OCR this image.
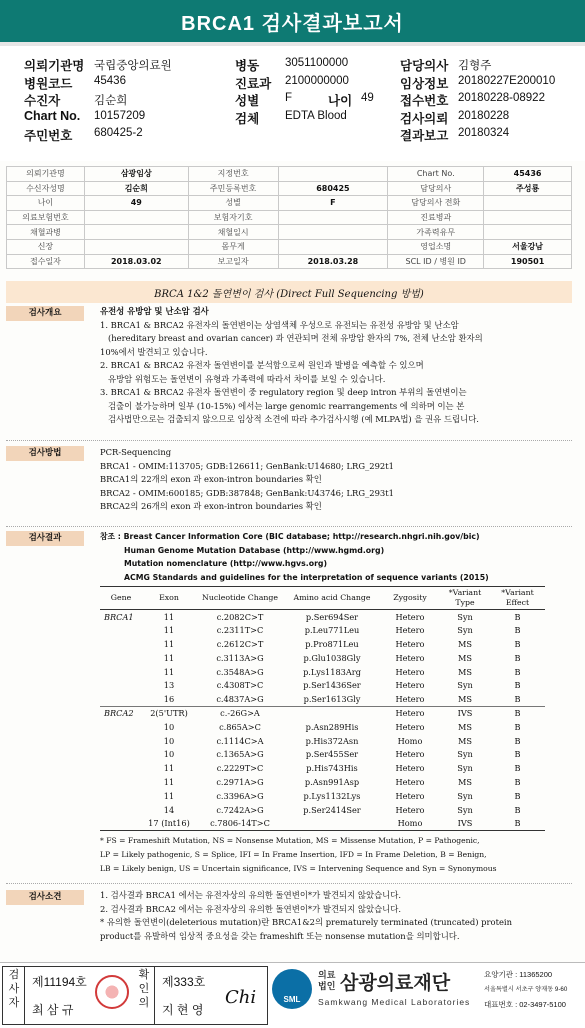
BRCA1 검사결과보고서
의뢰기관명 국립중앙의료원	병동 3051100000	담당의사 김형주
병원코드 45436	진료과 2100000000	임상정보 20180227E200010
수진자	김순희	성별 F	접수번호 20180228-08922
Chart No. 10157209	검체 EDTA Blood	검사의뢰 20180228
주민번호 680425-2	결과보고 20180324
나이 49
의뢰기관명	삼광임상	지정번호		Chart No.	45436
수신자성명	김순희	주민등록번호	680425	담당의사	주성룡
나이	49	성별	F	담당의사 전화	
의료보험번호		보험자기호		진료병과	
채혈과병		채혈일시		가족력유무	
신장		몸무게		영업소명	서울강남
접수일자	2018.03.02	보고일자	2018.03.28	SCL ID / 병원 ID	190501
BRCA 1&2 돌연변이 검사 (Direct Full Sequencing 방법)
검사개요	유전성 유방암 및 난소암 검사

1. BRCA1 & BRCA2 유전자의 돌연변이는 상염색체 우성으로 유전되는 유전성 유방암 및 난소암

(hereditary breast and ovarian cancer) 과 연관되며 전체 유방암 환자의 7%, 전체 난소암 환자의

10%에서 발견되고 있습니다.

2. BRCA1 & BRCA2 유전자 돌연변이를 분석함으로써 원인과 발병을 예측할 수 있으며

유방암 위험도는 돌연변이 유형과 가족력에 따라서 차이를 보일 수 있습니다.

3. BRCA1 & BRCA2 유전자 돌연변이 중 regulatory region 및 deep intron 부위의 돌연변이는

검출이 불가능하며 일부 (10-15%) 에서는 large genomic rearrangements 에 의하며 이는 본

검사법만으로는 검출되지 않으므로 임상적 소견에 따라 추가검사시행 (예 MLPA법) 을 권유 드립니다.

검사방법	PCR-Sequencing

BRCA1 - OMIM:113705; GDB:126611; GenBank:U14680; LRG_292t1

BRCA1의 22개의 exon 과 exon-intron boundaries 확인

BRCA2 - OMIM:600185; GDB:387848; GenBank:U43746; LRG_293t1

BRCA2의 26개의 exon 과 exon-intron boundaries 확인

검사결과	참조 : Breast Cancer Information Core (BIC database; http://research.nhgri.nih.gov/bic)

Human Genome Mutation Database (http://www.hgmd.org)

Mutation nomenclature (http://www.hgvs.org)

ACMG Standards and guidelines for the interpretation of sequence variants (2015)

Gene	Exon	Nucleotide Change	Amino acid Change	Zygosity	*Variant Type	*Variant Effect
BRCA1	11	c.2082C>T	p.Ser694Ser	Hetero	Syn	B
	11	c.2311T>C	p.Leu771Leu	Hetero	Syn	B
	11	c.2612C>T	p.Pro871Leu	Hetero	MS	B
	11	c.3113A>G	p.Glu1038Gly	Hetero	MS	B
	11	c.3548A>G	p.Lys1183Arg	Hetero	MS	B
	13	c.4308T>C	p.Ser1436Ser	Hetero	Syn	B
	16	c.4837A>G	p.Ser1613Gly	Hetero	MS	B
BRCA2	2(5'UTR)	c.-26G>A		Hetero	IVS	B
	10	c.865A>C	p.Asn289His	Hetero	MS	B
	10	c.1114C>A	p.His372Asn	Homo	MS	B
	10	c.1365A>G	p.Ser455Ser	Hetero	Syn	B
	11	c.2229T>C	p.His743His	Hetero	Syn	B
	11	c.2971A>G	p.Asn991Asp	Hetero	MS	B
	11	c.3396A>G	p.Lys1132Lys	Hetero	Syn	B
	14	c.7242A>G	p.Ser2414Ser	Hetero	Syn	B
	17 (Int16)	c.7806-14T>C		Homo	IVS	B

* FS = Frameshift Mutation, NS = Nonsense Mutation, MS = Missense Mutation, P = Pathogenic,

LP = Likely pathogenic, S = Splice, IFI = In Frame Insertion, IFD = In Frame Deletion, B = Benign,

LB = Likely benign, US = Uncertain significance, IVS = Intervening Sequence and Syn = Synonymous

검사소견	1. 검사결과 BRCA1 에서는 유전자상의 유의한 돌연변이*가 발견되지 않았습니다.

2. 검사결과 BRCA2 에서는 유전자상의 유의한 돌연변이*가 발견되지 않았습니다.

* 유의한 돌연변이(deleterious mutation)란 BRCA1&2의 prematurely terminated (truncated) protein

product를 유발하여 임상적 중요성을 갖는 frameshift 또는 nonsense mutation을 의미합니다.

검
사
자
제11194호
최 삼 규
확
인
의
제333호
지 현 영
Chi	SML
의료
법인 삼광의료재단
Samkwang Medical Laboratories
요양기관 : 11365200
서울특별시 서초구 양재동 9-60
대표번호 : 02-3497-5100
